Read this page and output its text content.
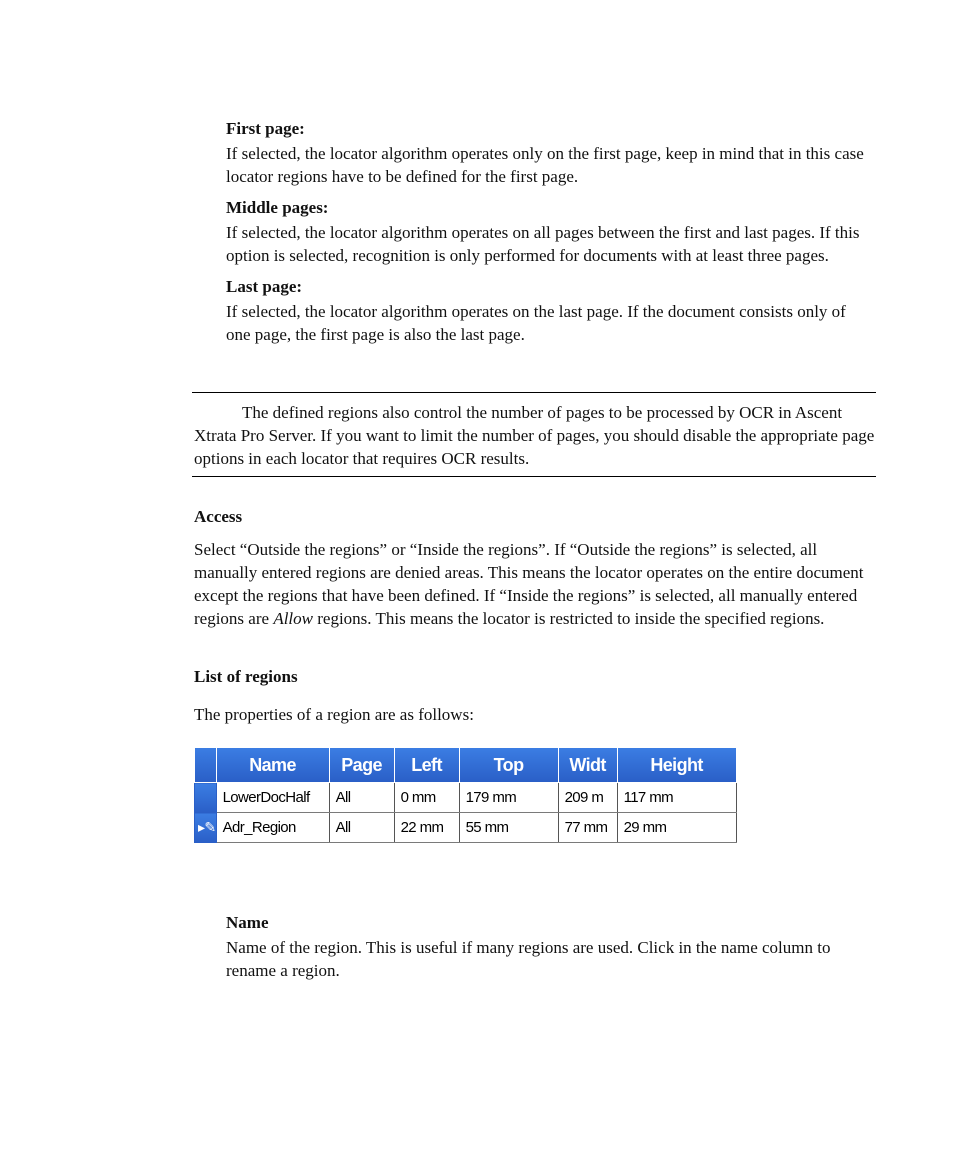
First page:

If selected, the locator algorithm operates only on the first page, keep in mind that in this case locator regions have to be defined for the first page.

Middle pages:

If selected, the locator algorithm operates on all pages between the first and last pages. If this option is selected, recognition is only performed for documents with at least three pages.

Last page:

If selected, the locator algorithm operates on the last page. If the document consists only of one page, the first page is also the last page.

The defined regions also control the number of pages to be processed by OCR in Ascent Xtrata Pro Server. If you want to limit the number of pages, you should disable the appropriate page options in each locator that requires OCR results.

Access

Select “Outside the regions” or “Inside the regions”. If “Outside the regions” is selected, all manually entered regions are denied areas. This means the locator operates on the entire document except the regions that have been defined. If “Inside the regions” is selected, all manually entered regions are Allow regions. This means the locator is restricted to inside the specified regions.

List of regions

The properties of a region are as follows:

	Name	Page	Left	Top	Widt	Height
	LowerDocHalf	All	0 mm	179 mm	209 m	117 mm
▸✎	Adr_Region	All	22 mm	55 mm	77 mm	29 mm

Name

Name of the region. This is useful if many regions are used. Click in the name column to rename a region.
